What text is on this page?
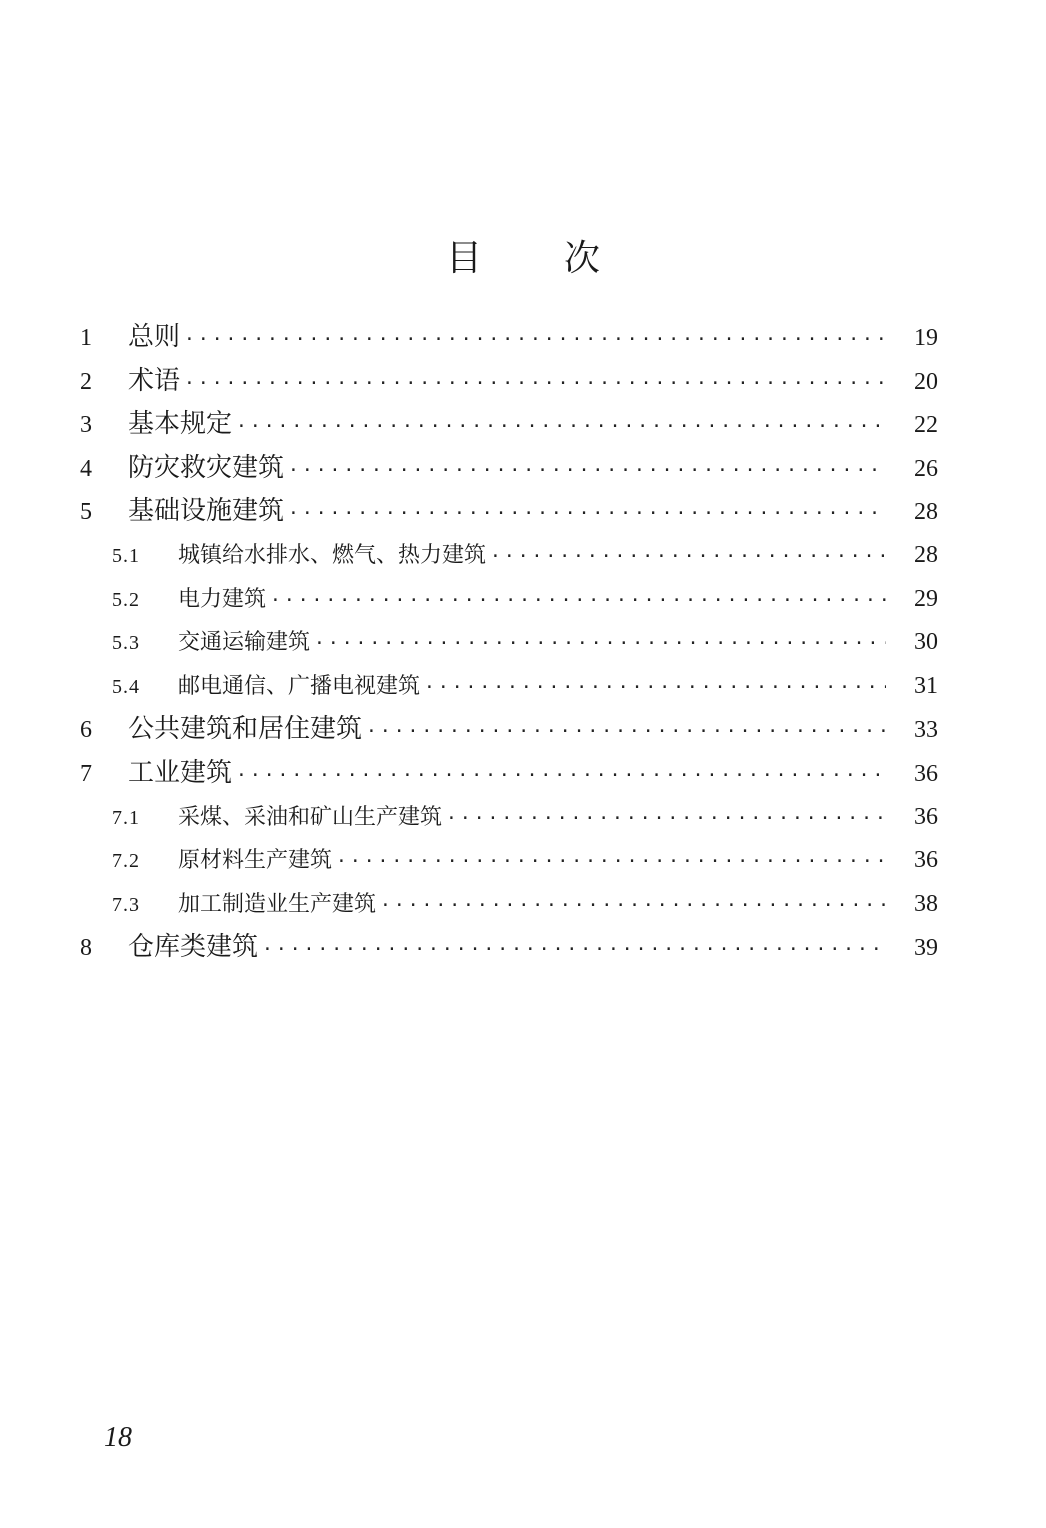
目次
1	总则 ·····	19
2	术语 ·····	20
3	基本规定 ·····	22
4	防灾救灾建筑 ·····	26
5	基础设施建筑 ·····	28
5.1	城镇给水排水、燃气、热力建筑 ·····	28
5.2	电力建筑 ·····	29
5.3	交通运输建筑 ·····	30
5.4	邮电通信、广播电视建筑 ·····	31
6	公共建筑和居住建筑 ·····	33
7	工业建筑 ·····	36
7.1	采煤、采油和矿山生产建筑 ·····	36
7.2	原材料生产建筑 ·····	36
7.3	加工制造业生产建筑 ·····	38
8	仓库类建筑 ·····	39
18
